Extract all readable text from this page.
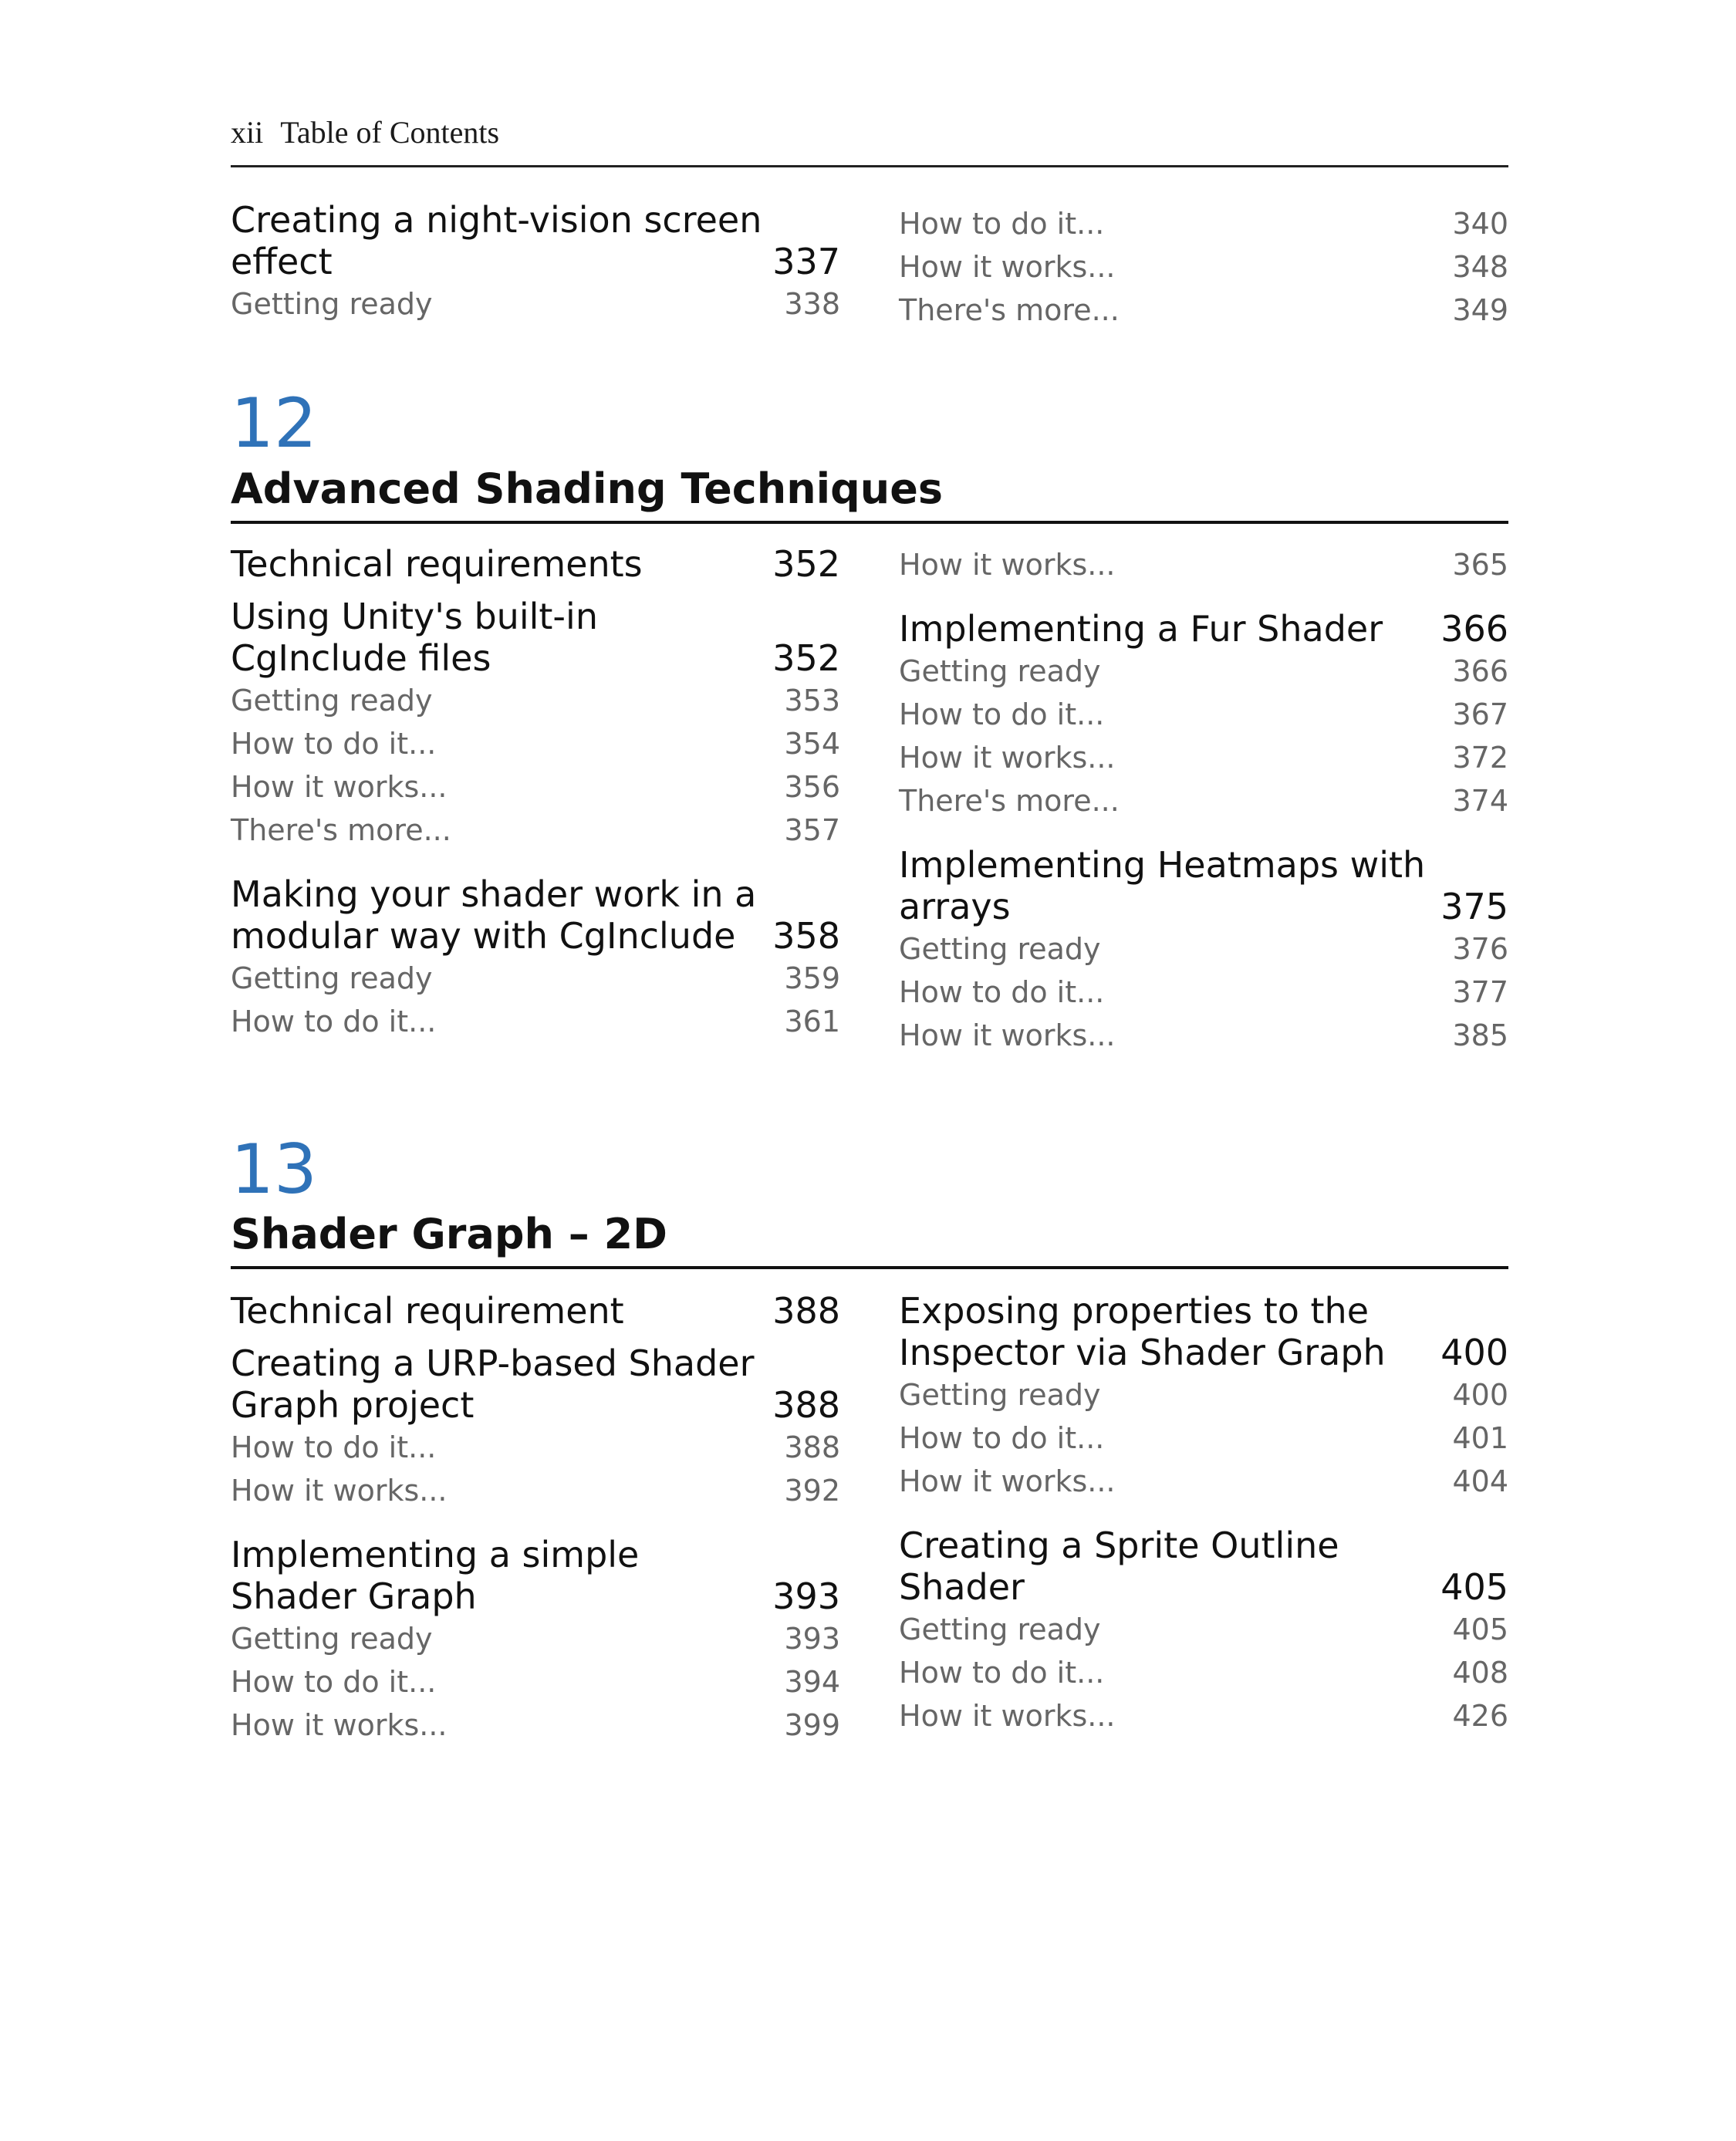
xii Table of Contents
Creating a night-vision screen effect	337
Getting ready	338
How to do it...	340
How it works...	348
There's more...	349
12
Advanced Shading Techniques
Technical requirements	352
Using Unity's built-in CgInclude files	352
Getting ready	353
How to do it...	354
How it works...	356
There's more...	357
Making your shader work in a modular way with CgInclude	358
Getting ready	359
How to do it...	361
How it works...	365
Implementing a Fur Shader 366
Getting ready	366
How to do it...	367
How it works...	372
There's more...	374
Implementing Heatmaps with arrays	375
Getting ready	376
How to do it...	377
How it works...	385
13
Shader Graph – 2D
Technical requirement	388
Creating a URP-based Shader Graph project	388
How to do it...	388
How it works...	392
Implementing a simple Shader Graph	393
Getting ready	393
How to do it...	394
How it works...	399
Exposing properties to the Inspector via Shader Graph	400
Getting ready	400
How to do it...	401
How it works...	404
Creating a Sprite Outline Shader	405
Getting ready	405
How to do it...	408
How it works...	426
